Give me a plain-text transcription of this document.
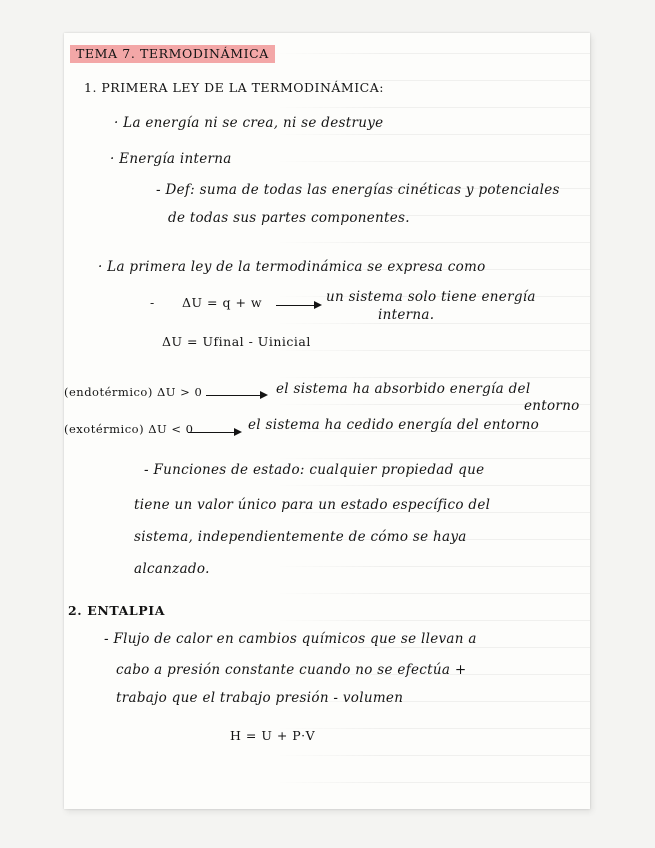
TEMA 7. TERMODINÁMICA

1. PRIMERA LEY DE LA TERMODINÁMICA:

· La energía ni se crea, ni se destruye

· Energía interna

- Def: suma de todas las energías cinéticas y potenciales

de todas sus partes componentes.

· La primera ley de la termodinámica se expresa como

- ΔU = q + w	un sistema solo tiene energía

interna.

ΔU = Ufinal - Uinicial

(endotérmico) ΔU > 0	el sistema ha absorbido energía del

entorno

(exotérmico) ΔU < 0	el sistema ha cedido energía del entorno

- Funciones de estado: cualquier propiedad que

tiene un valor único para un estado específico del

sistema, independientemente de cómo se haya

alcanzado.

2. ENTALPIA

- Flujo de calor en cambios químicos que se llevan a

cabo a presión constante cuando no se efectúa +

trabajo que el trabajo presión - volumen

H = U + P·V
